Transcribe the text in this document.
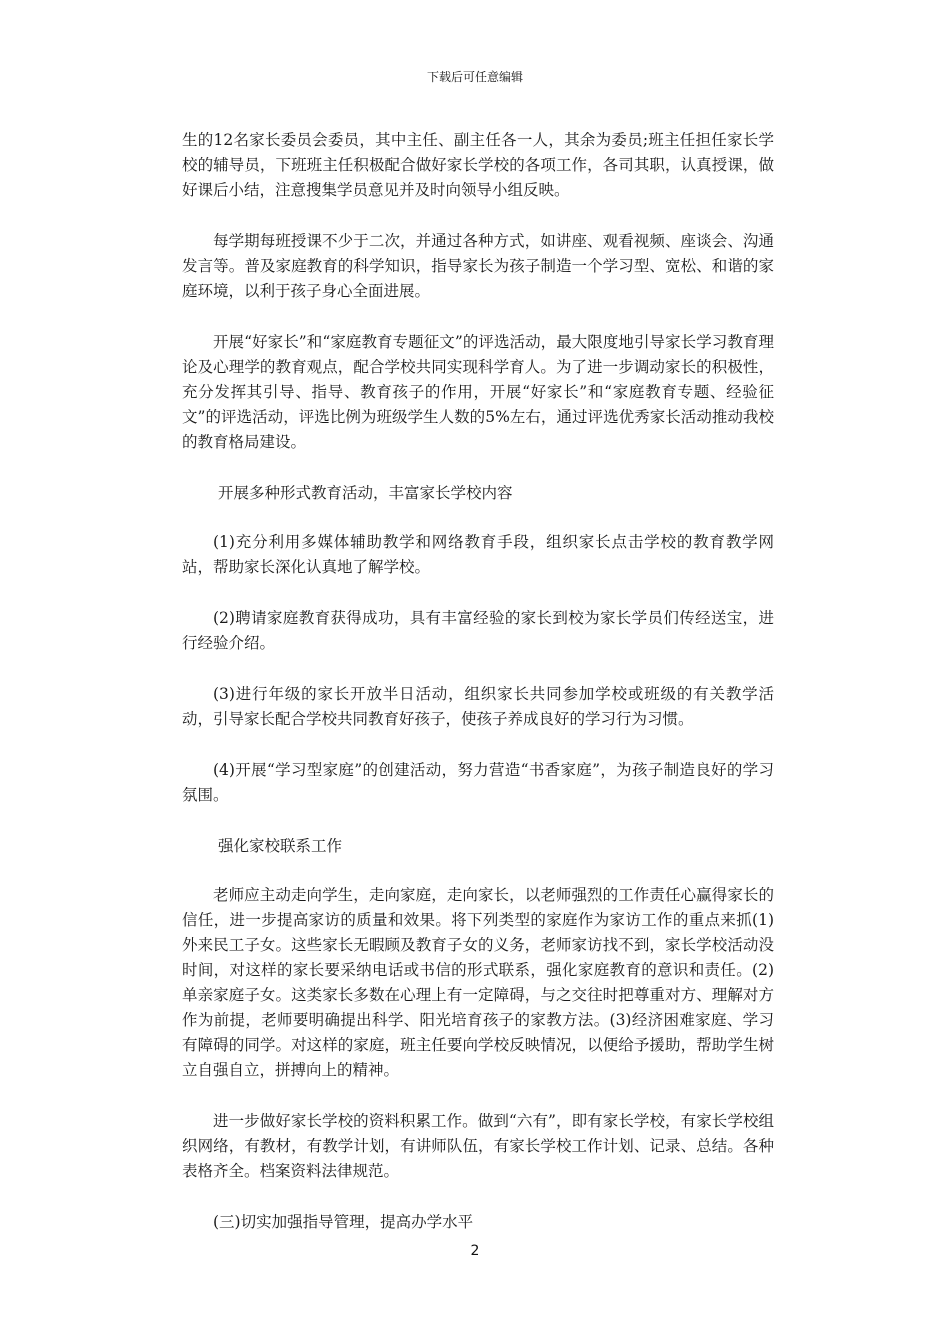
下载后可任意编辑

生的12名家长委员会委员，其中主任、副主任各一人，其余为委员;班主任担任家长学校的辅导员，下班班主任积极配合做好家长学校的各项工作，各司其职，认真授课，做好课后小结，注意搜集学员意见并及时向领导小组反映。

每学期每班授课不少于二次，并通过各种方式，如讲座、观看视频、座谈会、沟通发言等。普及家庭教育的科学知识，指导家长为孩子制造一个学习型、宽松、和谐的家庭环境，以利于孩子身心全面进展。

开展“好家长”和“家庭教育专题征文”的评选活动，最大限度地引导家长学习教育理论及心理学的教育观点，配合学校共同实现科学育人。为了进一步调动家长的积极性，充分发挥其引导、指导、教育孩子的作用，开展“好家长”和“家庭教育专题、经验征文”的评选活动，评选比例为班级学生人数的5%左右，通过评选优秀家长活动推动我校的教育格局建设。

开展多种形式教育活动，丰富家长学校内容

(1)充分利用多媒体辅助教学和网络教育手段，组织家长点击学校的教育教学网站，帮助家长深化认真地了解学校。

(2)聘请家庭教育获得成功，具有丰富经验的家长到校为家长学员们传经送宝，进行经验介绍。

(3)进行年级的家长开放半日活动，组织家长共同参加学校或班级的有关教学活动，引导家长配合学校共同教育好孩子，使孩子养成良好的学习行为习惯。

(4)开展“学习型家庭”的创建活动，努力营造“书香家庭”，为孩子制造良好的学习氛围。

强化家校联系工作

老师应主动走向学生，走向家庭，走向家长，以老师强烈的工作责任心赢得家长的信任，进一步提高家访的质量和效果。将下列类型的家庭作为家访工作的重点来抓(1)外来民工子女。这些家长无暇顾及教育子女的义务，老师家访找不到，家长学校活动没时间，对这样的家长要采纳电话或书信的形式联系，强化家庭教育的意识和责任。(2)单亲家庭子女。这类家长多数在心理上有一定障碍，与之交往时把尊重对方、理解对方作为前提，老师要明确提出科学、阳光培育孩子的家教方法。(3)经济困难家庭、学习有障碍的同学。对这样的家庭，班主任要向学校反映情况，以便给予援助，帮助学生树立自强自立，拼搏向上的精神。

进一步做好家长学校的资料积累工作。做到“六有”，即有家长学校，有家长学校组织网络，有教材，有教学计划，有讲师队伍，有家长学校工作计划、记录、总结。各种表格齐全。档案资料法律规范。

(三)切实加强指导管理，提高办学水平

2
